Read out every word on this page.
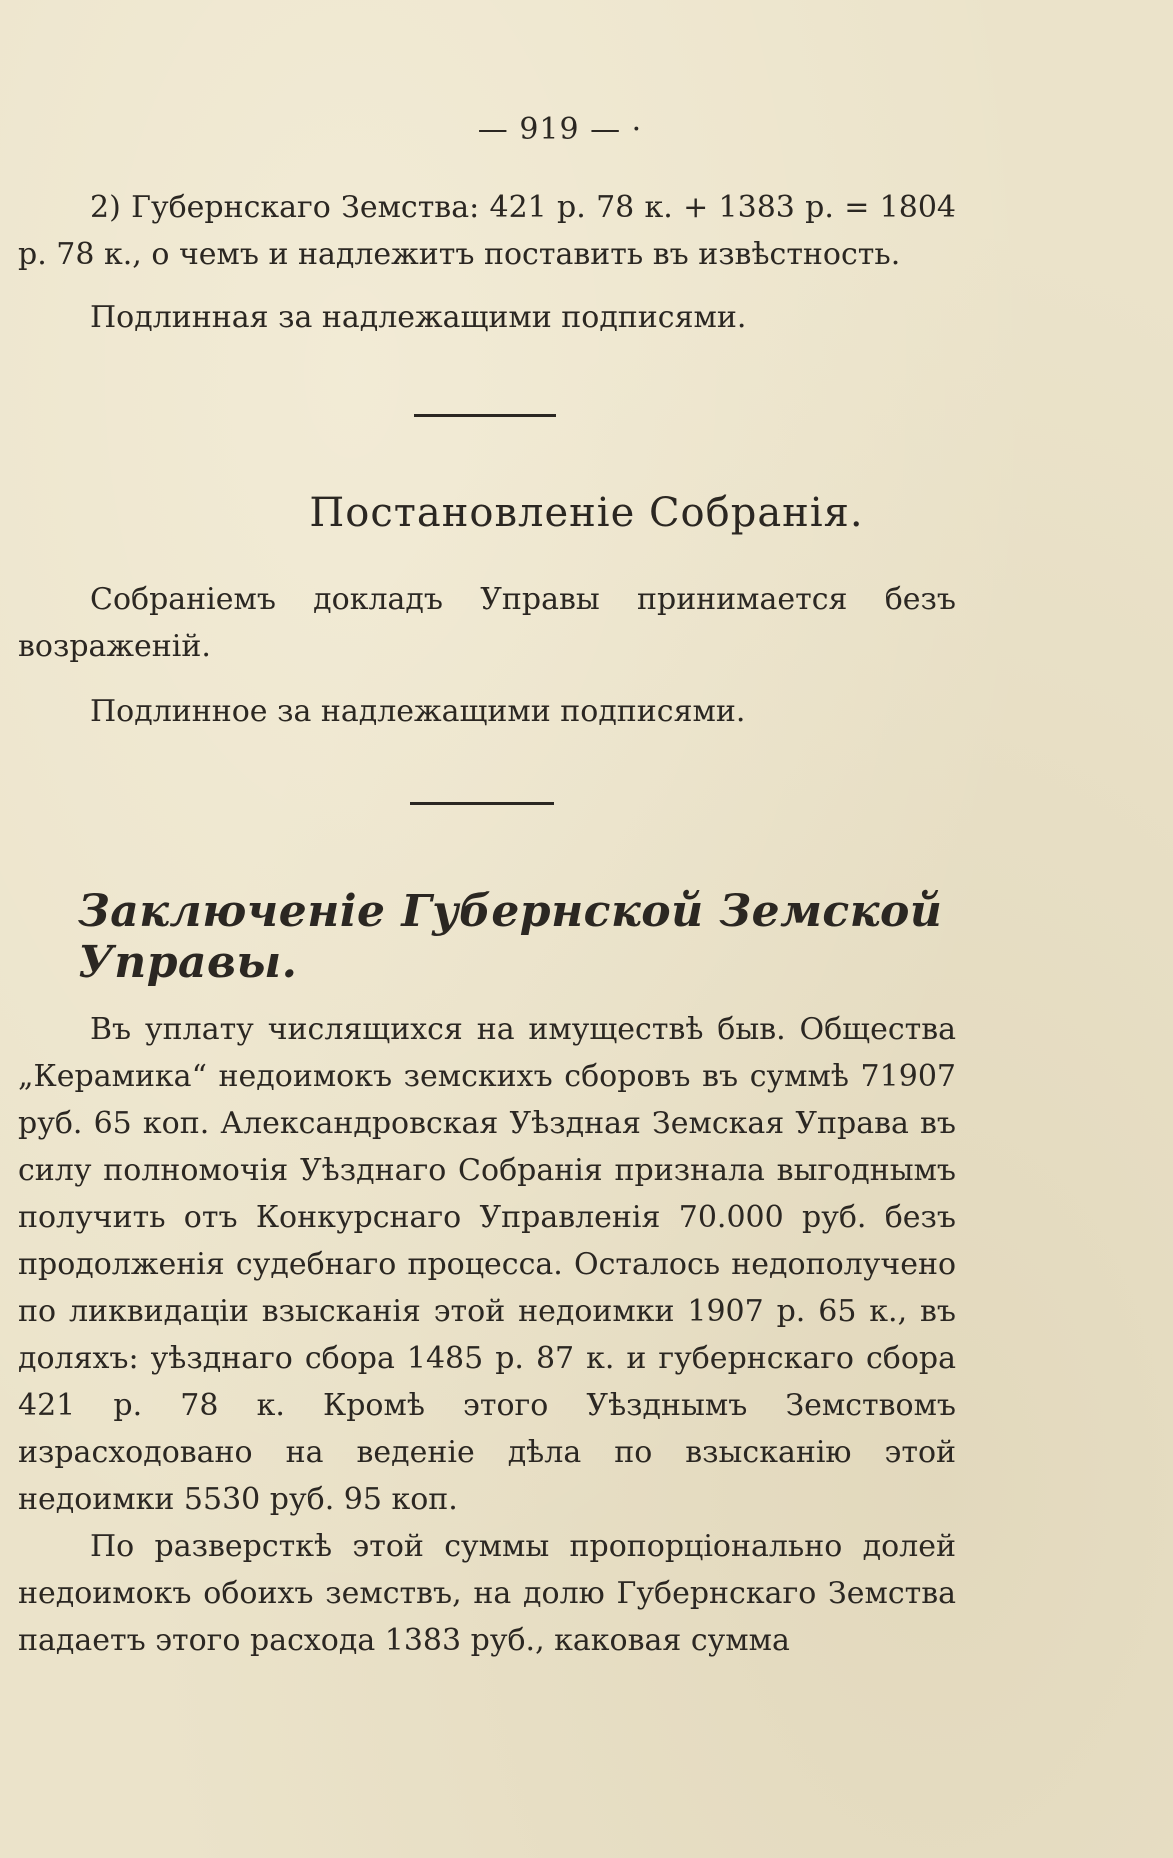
— 919 — ·

2) Губернскаго Земства: 421 р. 78 к. + 1383 р. = 1804 р. 78 к., о чемъ и надлежитъ поставить въ извѣстность.

Подлинная за надлежащими подписями.

Постановленіе Собранія.

Собраніемъ докладъ Управы принимается безъ возраженій.

Подлинное за надлежащими подписями.

Заключеніе Губернской Земской Управы.

Въ уплату числящихся на имуществѣ быв. Общества „Керамика“ недоимокъ земскихъ сборовъ въ суммѣ 71907 руб. 65 коп. Александровская Уѣздная Земская Управа въ силу полномочія Уѣзднаго Собранія признала выгоднымъ получить отъ Конкурснаго Управленія 70.000 руб. безъ продолженія судебнаго процесса. Осталось недополучено по ликвидаціи взысканія этой недоимки 1907 р. 65 к., въ доляхъ: уѣзднаго сбора 1485 р. 87 к. и губернскаго сбора 421 р. 78 к. Кромѣ этого Уѣзднымъ Земствомъ израсходовано на веденіе дѣла по взысканію этой недоимки 5530 руб. 95 коп.

По разверсткѣ этой суммы пропорціонально долей недоимокъ обоихъ земствъ, на долю Губернскаго Земства падаетъ этого расхода 1383 руб., каковая сумма
